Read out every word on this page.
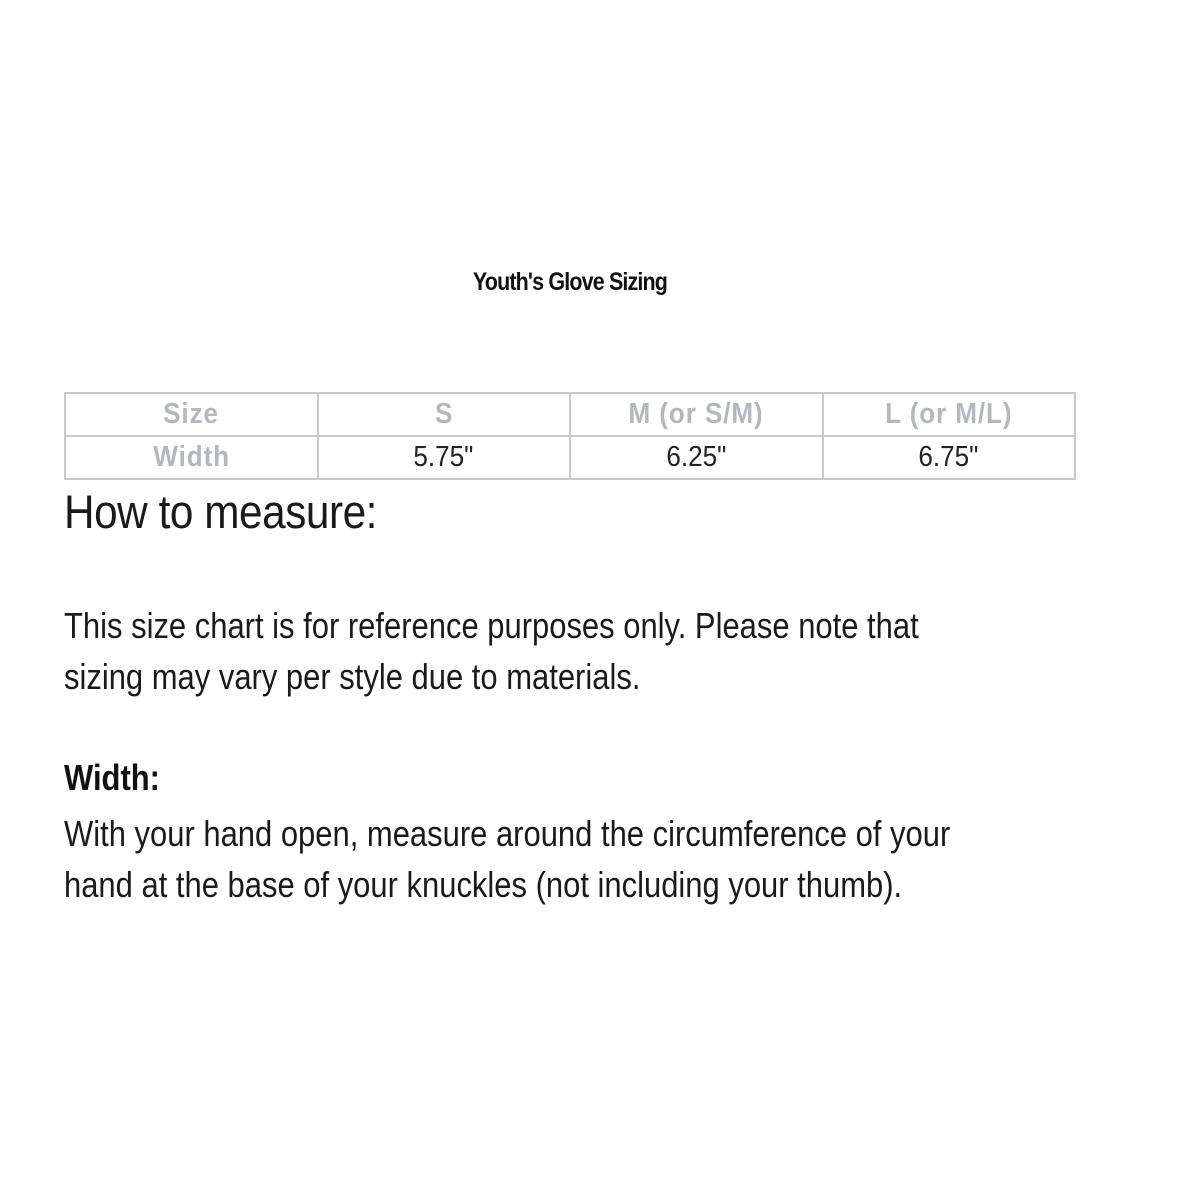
Youth's Glove Sizing
Size	S	M (or S/M)	L (or M/L)
Width	5.75"	6.25"	6.75"
How to measure:
This size chart is for reference purposes only. Please note that
sizing may vary per style due to materials.
Width:
With your hand open, measure around the circumference of your
hand at the base of your knuckles (not including your thumb).
